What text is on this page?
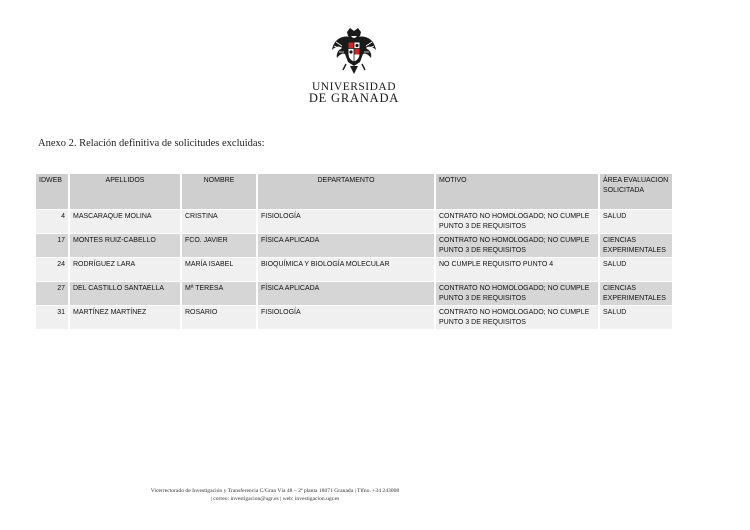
UNIVERSIDAD
DE GRANADA
Anexo 2. Relación definitiva de solicitudes excluidas:
IDWEB	APELLIDOS	NOMBRE	DEPARTAMENTO	MOTIVO	ÁREA EVALUACION SOLICITADA
4	MASCARAQUE MOLINA	CRISTINA	FISIOLOGÍA	CONTRATO NO HOMOLOGADO; NO CUMPLE PUNTO 3 DE REQUISITOS	SALUD
17	MONTES RUIZ-CABELLO	FCO. JAVIER	FÍSICA APLICADA	CONTRATO NO HOMOLOGADO; NO CUMPLE PUNTO 3 DE REQUISITOS	CIENCIAS EXPERIMENTALES
24	RODRÍGUEZ LARA	MARÍA ISABEL	BIOQUÍMICA Y BIOLOGÍA MOLECULAR	NO CUMPLE REQUISITO PUNTO 4	SALUD
27	DEL CASTILLO SANTAELLA	Mª TERESA	FÍSICA APLICADA	CONTRATO NO HOMOLOGADO; NO CUMPLE PUNTO 3 DE REQUISITOS	CIENCIAS EXPERIMENTALES
31	MARTÍNEZ MARTÍNEZ	ROSARIO	FISIOLOGÍA	CONTRATO NO HOMOLOGADO; NO CUMPLE PUNTO 3 DE REQUISITOS	SALUD
Vicerrectorado de Investigación y Transferencia C/Gran Vía 48 – 2ª planta 18071 Granada | Tlfno. +34 243008
| correo: investigacion@ugr.es | web: investigacion.ugr.es
